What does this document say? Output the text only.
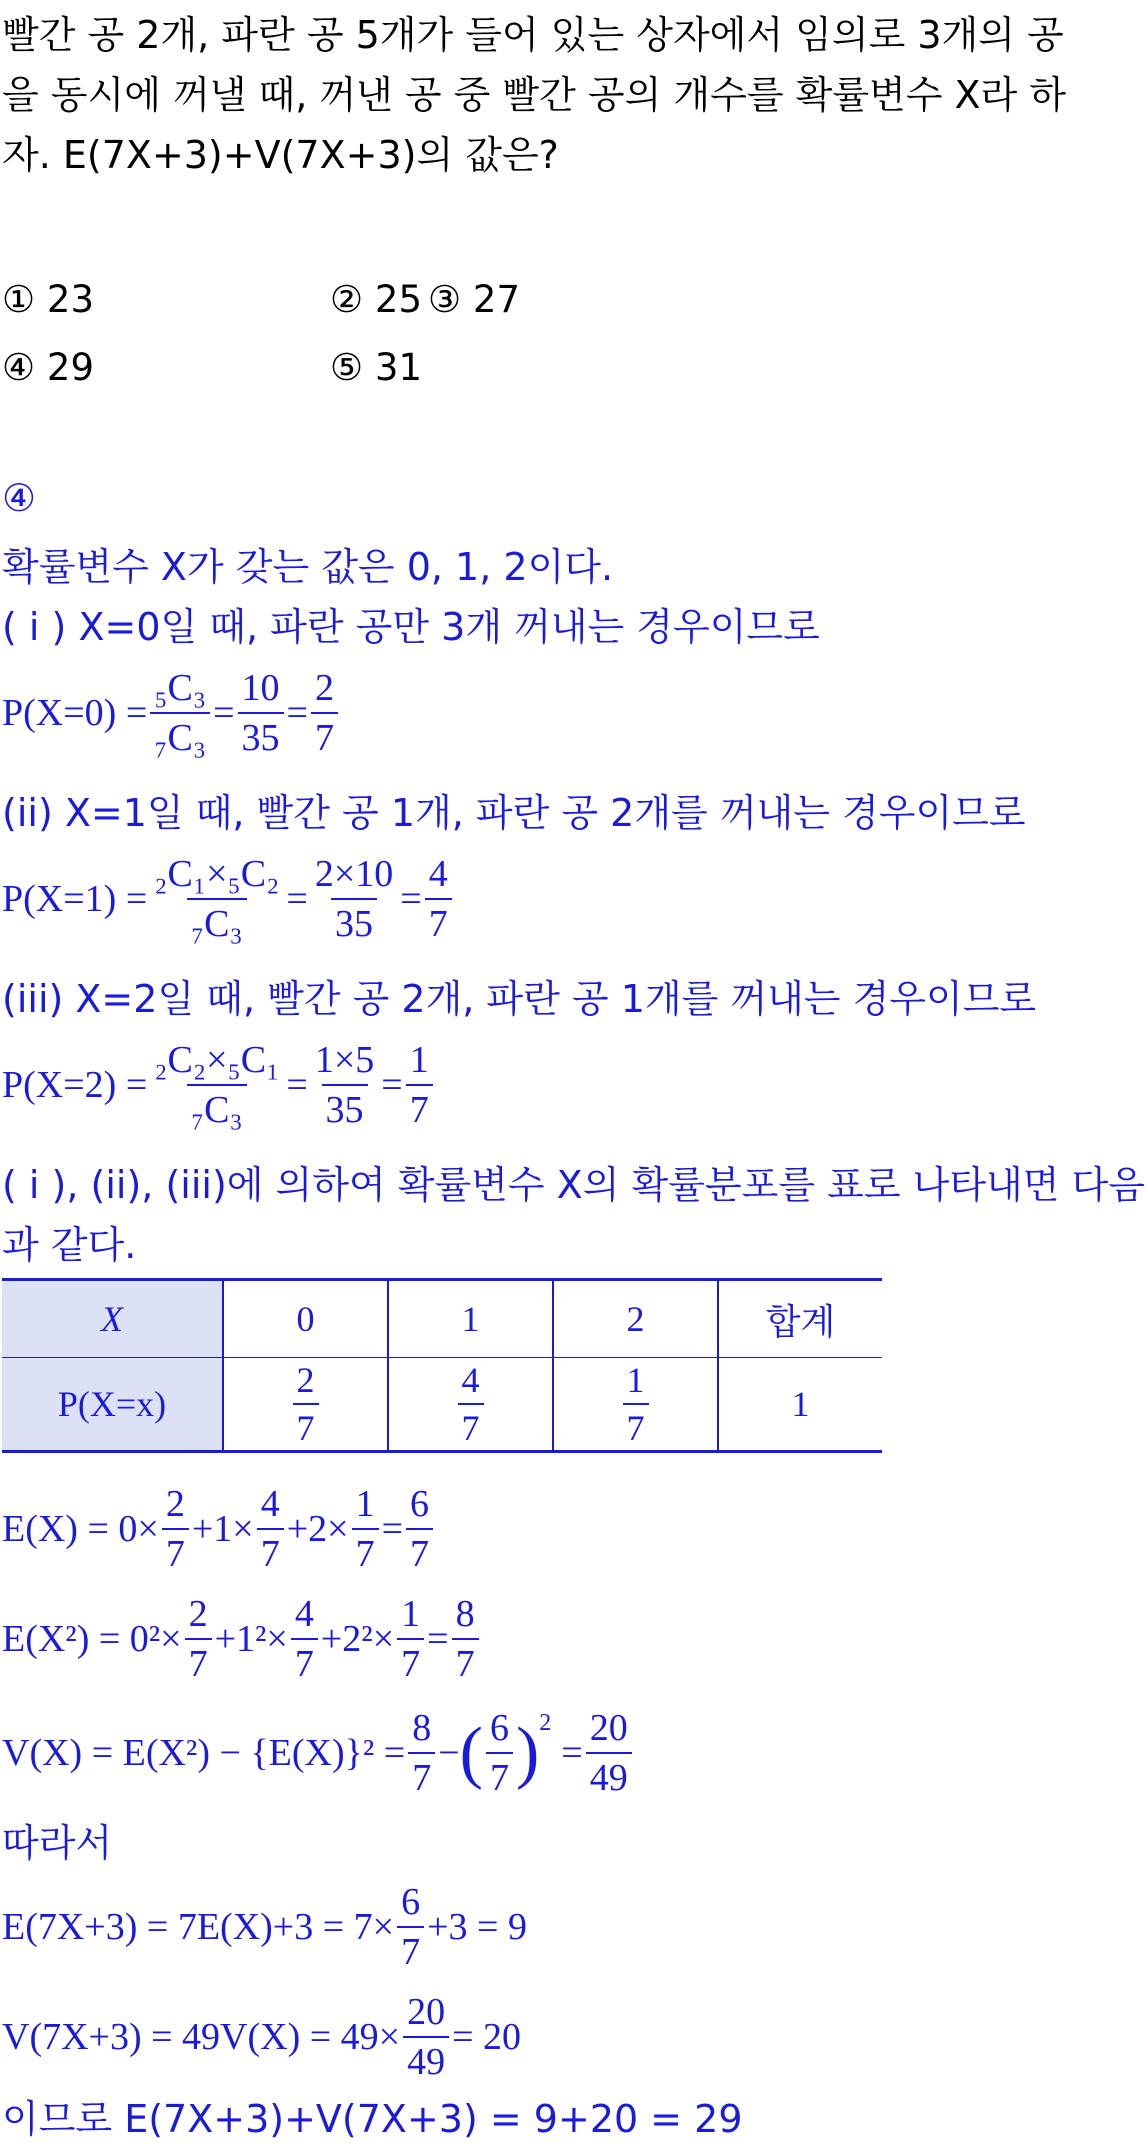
빨간 공 2개, 파란 공 5개가 들어 있는 상자에서 임의로 3개의 공
을 동시에 꺼낼 때, 꺼낸 공 중 빨간 공의 개수를 확률변수 X라 하
자. E(7X+3)+V(7X+3)의 값은?
① 23	② 25 ③ 27
④ 29	⑤ 31
④
확률변수 X가 갖는 값은 0, 1, 2이다.
( i ) X=0일 때, 파란 공만 3개 꺼내는 경우이므로
$P(X=0) = \frac{\text{₅C₃}}{\text{₇C₃}} = \frac{10}{35} = \frac{2}{7}$
(ii) X=1일 때, 빨간 공 1개, 파란 공 2개를 꺼내는 경우이므로
$P(X=1) = \frac{\text{₂C₁×₅C₂}}{\text{₇C₃}} = \frac{2\times 10}{35} = \frac{4}{7}$
(iii) X=2일 때, 빨간 공 2개, 파란 공 1개를 꺼내는 경우이므로
$P(X=2) = \frac{\text{₂C₂×₅C₁}}{\text{₇C₃}} = \frac{1\times 5}{35} = \frac{1}{7}$
( i ), (ii), (iii)에 의하여 확률변수 X의 확률분포를 표로 나타내면 다음
과 같다.
X	0	1	2	합계
P(X=x)	$\frac{2}{7}$	$\frac{4}{7}$	$\frac{1}{7}$	1
$E(X) = 0\times \frac{2}{7} +1\times \frac{4}{7} +2\times \frac{1}{7} = \frac{6}{7}$
$E(X^2) = 0^2\times \frac{2}{7} +1^2\times \frac{4}{7} +2^2\times \frac{1}{7} = \frac{8}{7}$
$V(X) = E(X^2) - \{E(X)\}^2 = \frac{8}{7}$ − ( $\frac{6}{7}$ ) 2
= $\frac{20}{49}$
따라서
$E(7X+3) = 7E(X)+3 = 7\times \frac{6}{7} +3 = 9$
$V(7X+3) = 49V(X) = 49\times \frac{20}{49} = 20$
이므로 E(7X+3)+V(7X+3) = 9+20 = 29
